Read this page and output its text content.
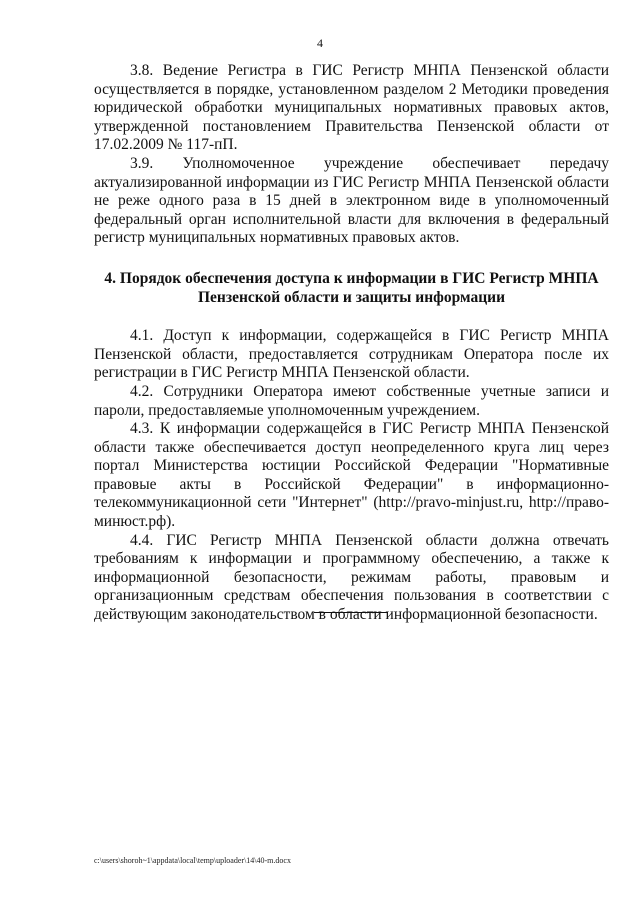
4

3.8. Ведение Регистра в ГИС Регистр МНПА Пензенской области осуществляется в порядке, установленном разделом 2 Методики проведения юридической обработки муниципальных нормативных правовых актов, утвержденной постановлением Правительства Пензенской области от 17.02.2009 № 117-пП.

3.9. Уполномоченное учреждение обеспечивает передачу актуализированной информации из ГИС Регистр МНПА Пензенской области не реже одного раза в 15 дней в электронном виде в уполномоченный федеральный орган исполнительной власти для включения в федеральный регистр муниципальных нормативных правовых актов.

4. Порядок обеспечения доступа к информации в ГИС Регистр МНПА Пензенской области и защиты информации

4.1. Доступ к информации, содержащейся в ГИС Регистр МНПА Пензенской области, предоставляется сотрудникам Оператора после их регистрации в ГИС Регистр МНПА Пензенской области.

4.2. Сотрудники Оператора имеют собственные учетные записи и пароли, предоставляемые уполномоченным учреждением.

4.3. К информации содержащейся в ГИС Регистр МНПА Пензенской области также обеспечивается доступ неопределенного круга лиц через портал Министерства юстиции Российской Федерации "Нормативные правовые акты в Российской Федерации" в информационно-телекоммуникационной сети "Интернет" (http://pravo-minjust.ru, http://право-минюст.рф).

4.4. ГИС Регистр МНПА Пензенской области должна отвечать требованиям к информации и программному обеспечению, а также к информационной безопасности, режимам работы, правовым и организационным средствам обеспечения пользования в соответствии с действующим законодательством в области информационной безопасности.

c:\users\shoroh~1\appdata\local\temp\uploader\14\40-m.docx
